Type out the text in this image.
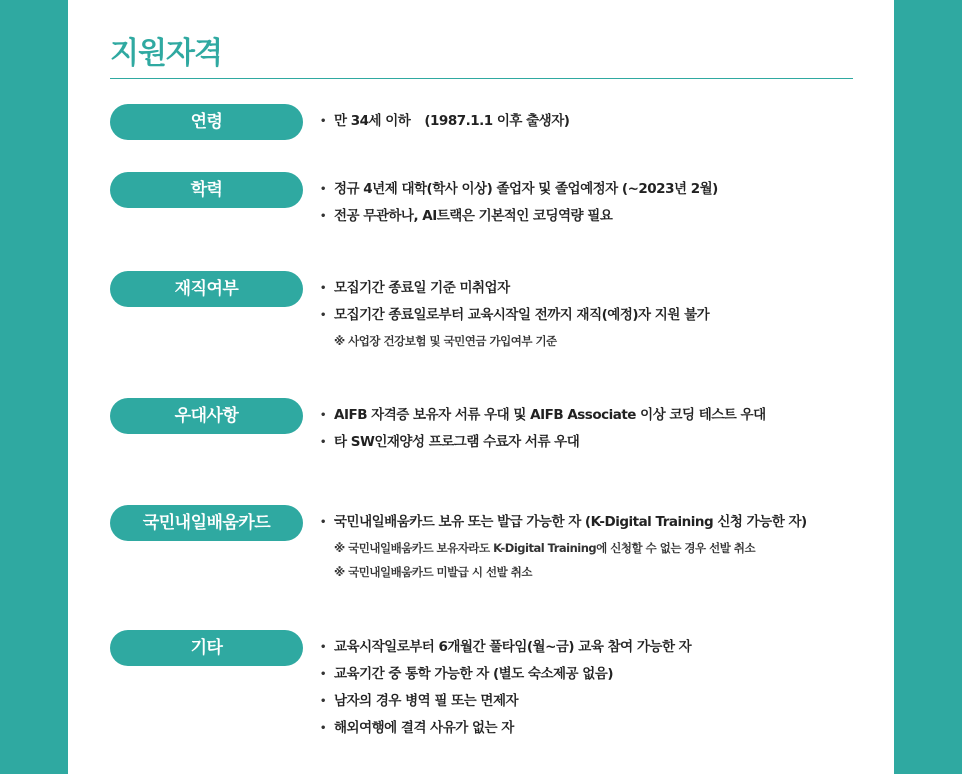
지원자격
연령	• 만 34세 이하 (1987.1.1 이후 출생자)
학력	• 정규 4년제 대학(학사 이상) 졸업자 및 졸업예정자 (~2023년 2월)
• 전공 무관하나, AI트랙은 기본적인 코딩역량 필요
재직여부	• 모집기간 종료일 기준 미취업자
• 모집기간 종료일로부터 교육시작일 전까지 재직(예정)자 지원 불가
※ 사업장 건강보험 및 국민연금 가입여부 기준
우대사항	• AIFB 자격증 보유자 서류 우대 및 AIFB Associate 이상 코딩 테스트 우대
• 타 SW인재양성 프로그램 수료자 서류 우대
국민내일배움카드	• 국민내일배움카드 보유 또는 발급 가능한 자 (K-Digital Training 신청 가능한 자)
※ 국민내일배움카드 보유자라도 K-Digital Training에 신청할 수 없는 경우 선발 취소
※ 국민내일배움카드 미발급 시 선발 취소
기타	• 교육시작일로부터 6개월간 풀타임(월~금) 교육 참여 가능한 자
• 교육기간 중 통학 가능한 자 (별도 숙소제공 없음)
• 남자의 경우 병역 필 또는 면제자
• 해외여행에 결격 사유가 없는 자
